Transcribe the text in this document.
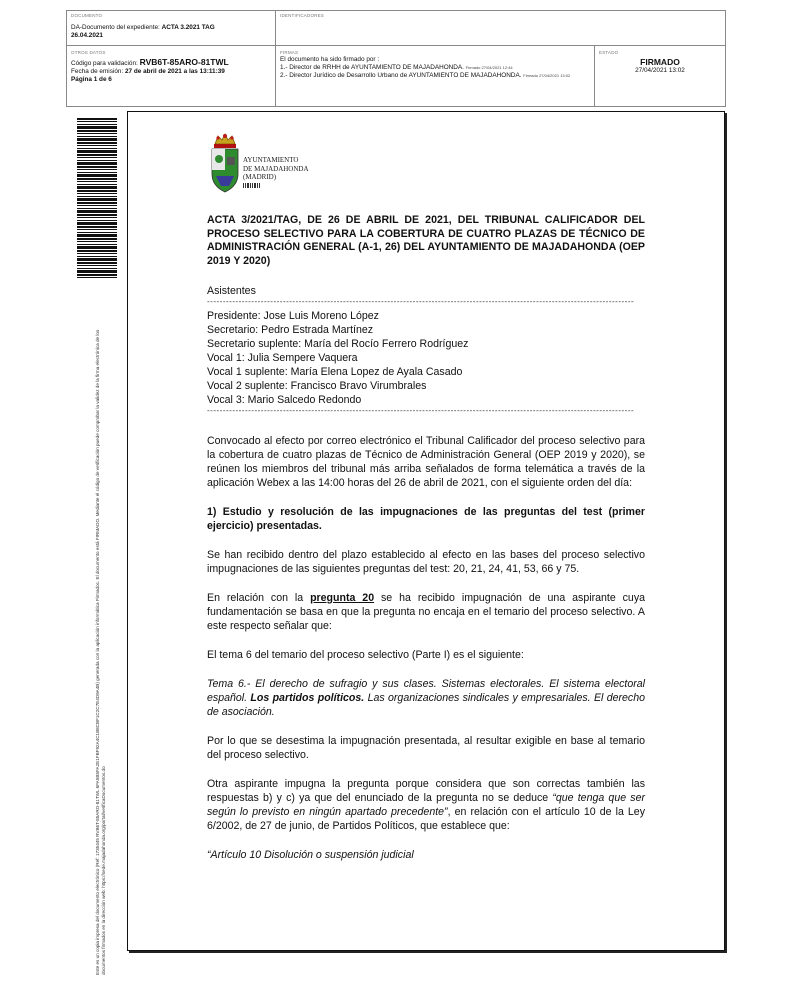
DOCUMENTO
DA-Documento del expediente: ACTA 3.2021 TAG
26.04.2021
IDENTIFICADORES
OTROS DATOS
Código para validación: RVB6T-85ARO-81TWL
Fecha de emisión: 27 de abril de 2021 a las 13:11:39
Página 1 de 6
FIRMAS
El documento ha sido firmado por :
1.- Director de RRHH de AYUNTAMIENTO DE MAJADAHONDA. Firmado 27/04/2021 12:44
2.- Director Jurídico de Desarrollo Urbano de AYUNTAMIENTO DE MAJADAHONDA. Firmado 27/04/2021 13:02
ESTADO
FIRMADO
27/04/2021 13:02
Este es un copia impresa del documento electrónico (Ref: 1735445 RVB6T-85ARO-81TWL 6FA5B5FA2E1FBF92A4C1B8CBF1C2C7E4D9A4B) generada con la aplicación informática Firmadoc. El documento está FIRMADO. Mediante el código de verificación puede comprobar la validez de la firma electrónica de los documentos firmados en la dirección web: https://sede.majadahonda.org/portal/verificaDocumentos.do
AYUNTAMIENTO
DE MAJADAHONDA
(MADRID)

ACTA 3/2021/TAG, DE 26 DE ABRIL DE 2021, DEL TRIBUNAL CALIFICADOR DEL PROCESO SELECTIVO PARA LA COBERTURA DE CUATRO PLAZAS DE TÉCNICO DE ADMINISTRACIÓN GENERAL (A-1, 26) DEL AYUNTAMIENTO DE MAJADAHONDA (OEP 2019 Y 2020)

Asistentes

---------------------------------------------------------------------------------------------------------------------------------------

Presidente: Jose Luis Moreno López

Secretario: Pedro Estrada Martínez

Secretario suplente: María del Rocío Ferrero Rodríguez

Vocal 1: Julia Sempere Vaquera

Vocal 1 suplente: María Elena Lopez de Ayala Casado

Vocal 2 suplente: Francisco Bravo Virumbrales

Vocal 3: Mario Salcedo Redondo

---------------------------------------------------------------------------------------------------------------------------------------

Convocado al efecto por correo electrónico el Tribunal Calificador del proceso selectivo para la cobertura de cuatro plazas de Técnico de Administración General (OEP 2019 y 2020), se reúnen los miembros del tribunal más arriba señalados de forma telemática a través de la aplicación Webex a las 14:00 horas del 26 de abril de 2021, con el siguiente orden del día:

1) Estudio y resolución de las impugnaciones de las preguntas del test (primer ejercicio) presentadas.

Se han recibido dentro del plazo establecido al efecto en las bases del proceso selectivo impugnaciones de las siguientes preguntas del test: 20, 21, 24, 41, 53, 66 y 75.

En relación con la pregunta 20 se ha recibido impugnación de una aspirante cuya fundamentación se basa en que la pregunta no encaja en el temario del proceso selectivo. A este respecto señalar que:

El tema 6 del temario del proceso selectivo (Parte I) es el siguiente:

Tema 6.- El derecho de sufragio y sus clases. Sistemas electorales. El sistema electoral español. Los partidos políticos. Las organizaciones sindicales y empresariales. El derecho de asociación.

Por lo que se desestima la impugnación presentada, al resultar exigible en base al temario del proceso selectivo.

Otra aspirante impugna la pregunta porque considera que son correctas también las respuestas b) y c) ya que del enunciado de la pregunta no se deduce “que tenga que ser según lo previsto en ningún apartado precedente”, en relación con el artículo 10 de la Ley 6/2002, de 27 de junio, de Partidos Políticos, que establece que:

“Artículo 10 Disolución o suspensión judicial
